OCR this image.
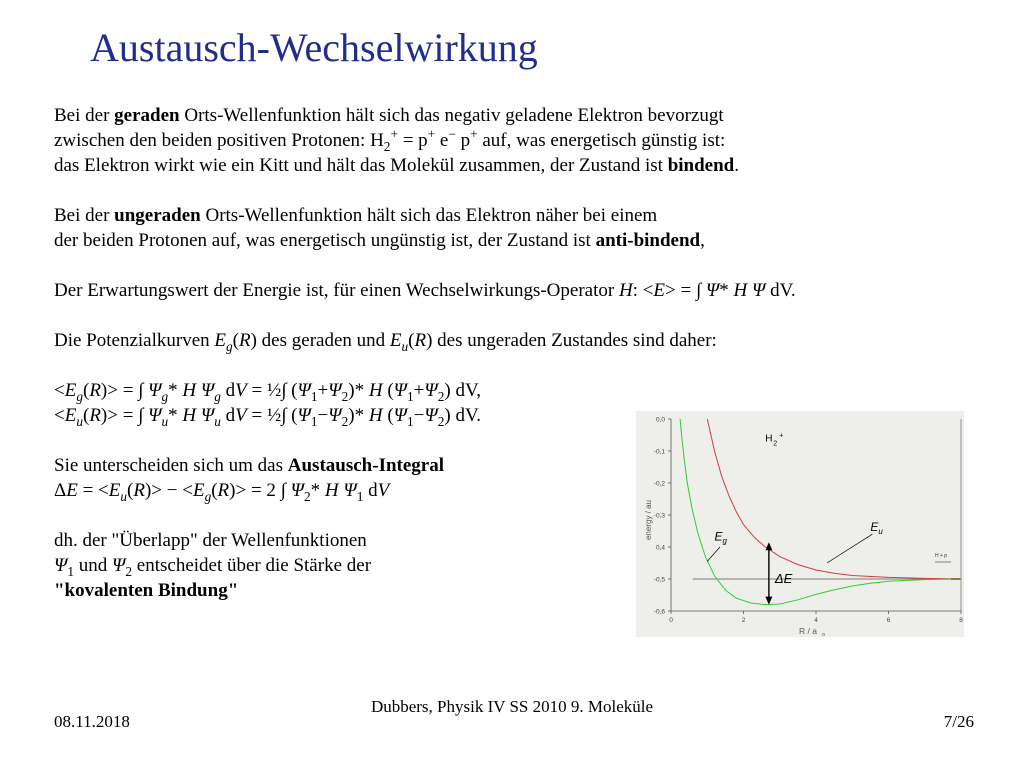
Austausch-Wechselwirkung

Bei der geraden Orts-Wellenfunktion hält sich das negativ geladene Elektron bevorzugt
zwischen den beiden positiven Protonen: $H_2^+ = p^+$ e− p+ auf, was energetisch günstig ist:
das Elektron wirkt wie ein Kitt und hält das Molekül zusammen, der Zustand ist bindend.

Bei der ungeraden Orts-Wellenfunktion hält sich das Elektron näher bei einem
der beiden Protonen auf, was energetisch ungünstig ist, der Zustand ist anti-bindend,

Der Erwartungswert der Energie ist, für einen Wechselwirkungs-Operator H: <E> = ∫ Ψ* H Ψ dV.

Die Potenzialkurven $E_g(R)$ des geraden und $E_u(R)$ des ungeraden Zustandes sind daher:

$<E_g(R)>$ = ∫ $\Psi_g*$ H $\Psi_g$ dV = ½∫ $(\Psi_1+\Psi_2)*$ H $(\Psi_1+\Psi_2)$ dV,
$<E_u(R)>$ = ∫ $\Psi_u*$ H $\Psi_u$ dV = ½∫ $(\Psi_1-\Psi_2)*$ H $(\Psi_1-\Psi_2)$ dV.

Sie unterscheiden sich um das Austausch-Integral
$\Delta E = <E_u(R)> - <E_g(R)> = 2$ ∫ $\Psi_2*$ H $\Psi_1$ dV

dh. der "Überlapp" der Wellenfunktionen
$\Psi_1$ und $\Psi_2$ entscheidet über die Stärke der
"kovalenten Bindung"

0,0
-0,1
-0,2
-0,3
0,4
-0,5
-0,6
0	2	4	6	8
R / a o
energy / au
H + p
E u
E g
H 2
+
ΔE
08.11.2018
Dubbers, Physik IV SS 2010 9. Moleküle
7/26
